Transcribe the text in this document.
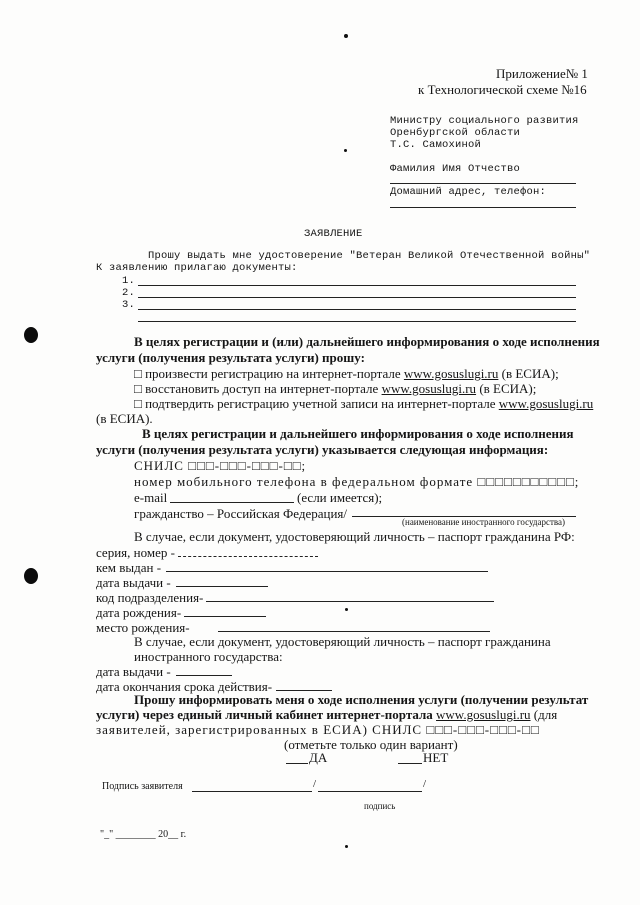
Приложение№ 1
к Технологической схеме №16
Министру социального развития
Оренбургской области
Т.С. Самохиной
Фамилия Имя Отчество
Домашний адрес, телефон:
ЗАЯВЛЕНИЕ
Прошу выдать мне удостоверение "Ветеран Великой Отечественной войны"
К заявлению прилагаю документы:
1.
2.
3.
В целях регистрации и (или) дальнейшего информирования о ходе исполнения
услуги (получения результата услуги) прошу:
□ произвести регистрацию на интернет-портале www.gosuslugi.ru (в ЕСИА);
□ восстановить доступ на интернет-портале www.gosuslugi.ru (в ЕСИА);
□ подтвердить регистрацию учетной записи на интернет-портале www.gosuslugi.ru
(в ЕСИА).
В целях регистрации и дальнейшего информирования о ходе исполнения
услуги (получения результата услуги) указывается следующая информация:
СНИЛС □□□-□□□-□□□-□□;
номер мобильного телефона в федеральном формате □□□□□□□□□□□;
e-mail	(если имеется);
гражданство – Российская Федерация/
(наименование иностранного государства)
В случае, если документ, удостоверяющий личность – паспорт гражданина РФ:
серия, номер -
кем выдан -
дата выдачи -
код подразделения-
дата рождения-
место рождения-
В случае, если документ, удостоверяющий личность – паспорт гражданина
иностранного государства:
дата выдачи -
дата окончания срока действия-
Прошу информировать меня о ходе исполнения услуги (получении результат
услуги) через единый личный кабинет интернет-портала www.gosuslugi.ru (для
заявителей, зарегистрированных в ЕСИА) СНИЛС □□□-□□□-□□□-□□
(отметьте только один вариант)
ДА	НЕТ
Подпись заявителя	/	/
подпись
"_" ________ 20__ г.
